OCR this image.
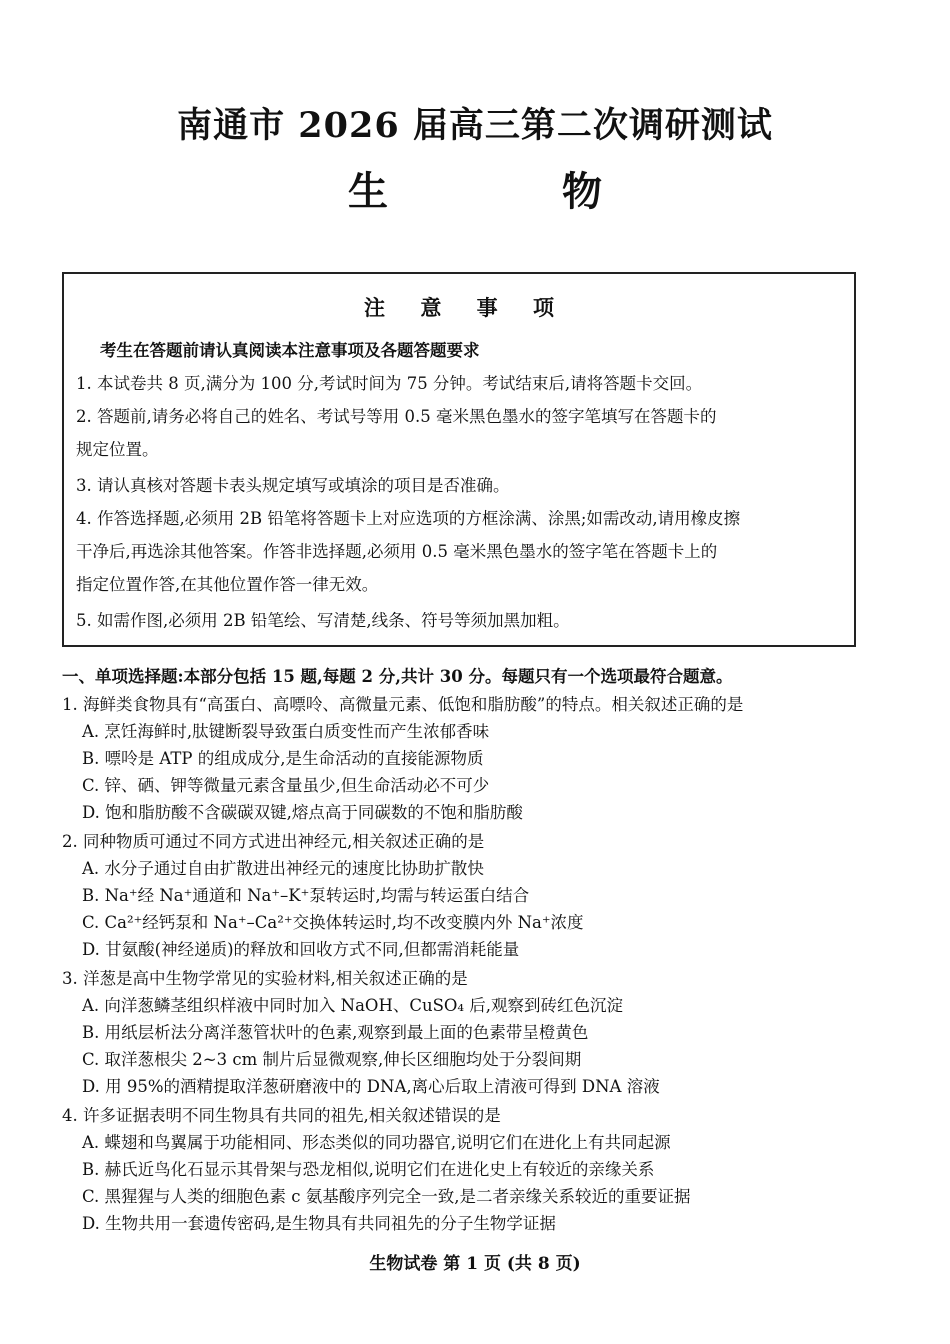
南通市 2026 届高三第二次调研测试
生 物
注 意 事 项
考生在答题前请认真阅读本注意事项及各题答题要求
1. 本试卷共 8 页,满分为 100 分,考试时间为 75 分钟。考试结束后,请将答题卡交回。
2. 答题前,请务必将自己的姓名、考试号等用 0.5 毫米黑色墨水的签字笔填写在答题卡的
规定位置。
3. 请认真核对答题卡表头规定填写或填涂的项目是否准确。
4. 作答选择题,必须用 2B 铅笔将答题卡上对应选项的方框涂满、涂黑;如需改动,请用橡皮擦
干净后,再选涂其他答案。作答非选择题,必须用 0.5 毫米黑色墨水的签字笔在答题卡上的
指定位置作答,在其他位置作答一律无效。
5. 如需作图,必须用 2B 铅笔绘、写清楚,线条、符号等须加黑加粗。
一、单项选择题:本部分包括 15 题,每题 2 分,共计 30 分。每题只有一个选项最符合题意。
1. 海鲜类食物具有“高蛋白、高嘌呤、高微量元素、低饱和脂肪酸”的特点。相关叙述正确的是
A. 烹饪海鲜时,肽键断裂导致蛋白质变性而产生浓郁香味
B. 嘌呤是 ATP 的组成成分,是生命活动的直接能源物质
C. 锌、硒、钾等微量元素含量虽少,但生命活动必不可少
D. 饱和脂肪酸不含碳碳双键,熔点高于同碳数的不饱和脂肪酸
2. 同种物质可通过不同方式进出神经元,相关叙述正确的是
A. 水分子通过自由扩散进出神经元的速度比协助扩散快
B. Na⁺经 Na⁺通道和 Na⁺–K⁺泵转运时,均需与转运蛋白结合
C. Ca²⁺经钙泵和 Na⁺–Ca²⁺交换体转运时,均不改变膜内外 Na⁺浓度
D. 甘氨酸(神经递质)的释放和回收方式不同,但都需消耗能量
3. 洋葱是高中生物学常见的实验材料,相关叙述正确的是
A. 向洋葱鳞茎组织样液中同时加入 NaOH、CuSO₄ 后,观察到砖红色沉淀
B. 用纸层析法分离洋葱管状叶的色素,观察到最上面的色素带呈橙黄色
C. 取洋葱根尖 2~3 cm 制片后显微观察,伸长区细胞均处于分裂间期
D. 用 95%的酒精提取洋葱研磨液中的 DNA,离心后取上清液可得到 DNA 溶液
4. 许多证据表明不同生物具有共同的祖先,相关叙述错误的是
A. 蝶翅和鸟翼属于功能相同、形态类似的同功器官,说明它们在进化上有共同起源
B. 赫氏近鸟化石显示其骨架与恐龙相似,说明它们在进化史上有较近的亲缘关系
C. 黑猩猩与人类的细胞色素 c 氨基酸序列完全一致,是二者亲缘关系较近的重要证据
D. 生物共用一套遗传密码,是生物具有共同祖先的分子生物学证据
生物试卷 第 1 页 (共 8 页)
